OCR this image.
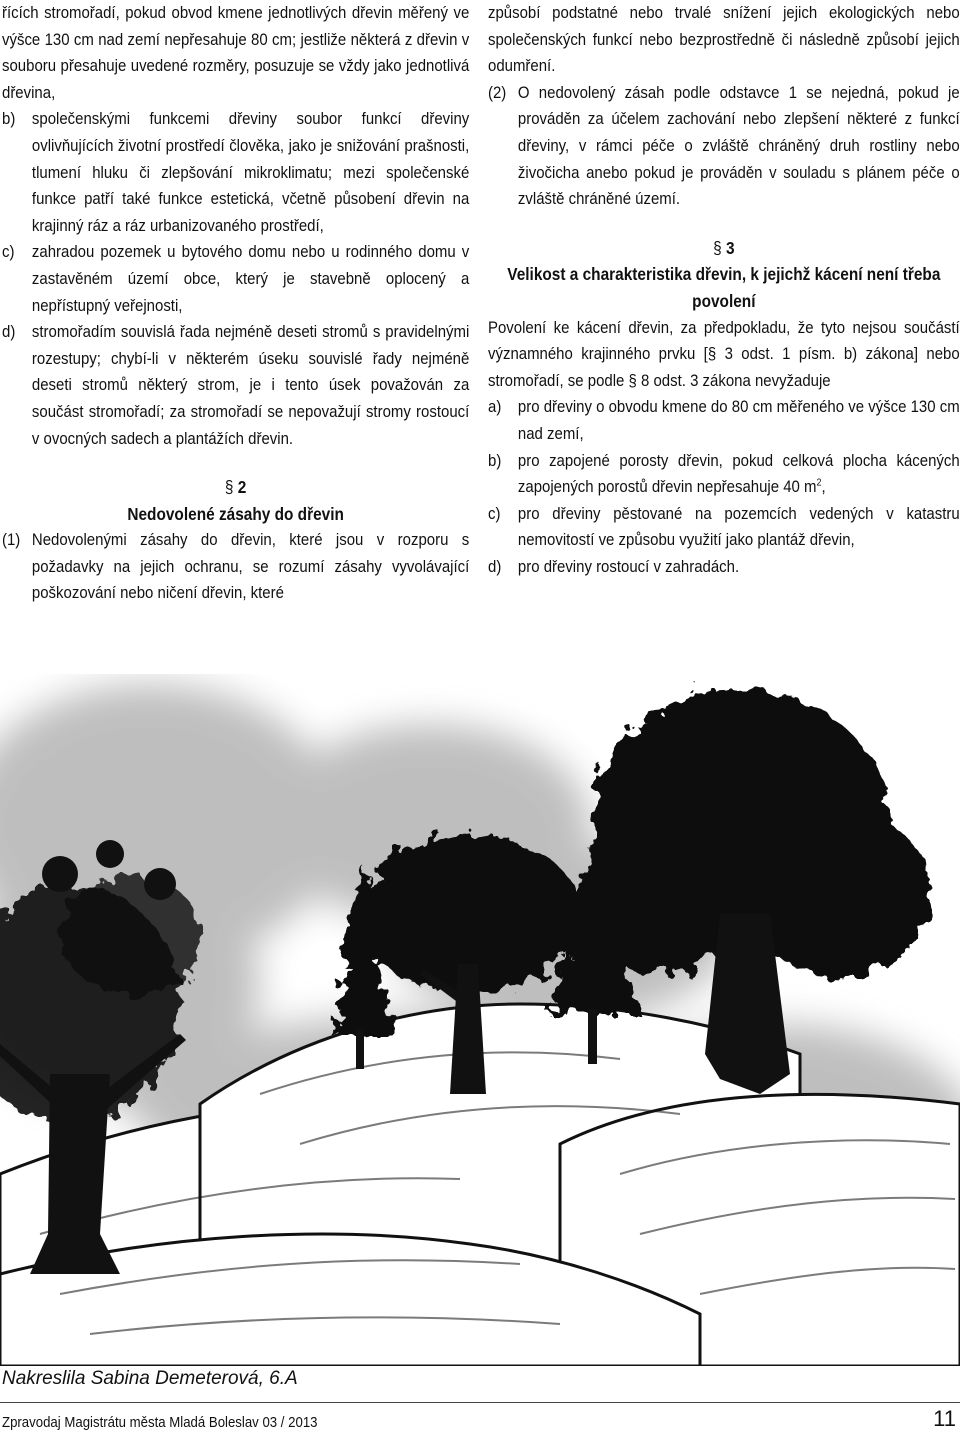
řících stromořadí, pokud obvod kmene jednotlivých dřevin měřený ve výšce 130 cm nad zemí nepřesahuje 80 cm; jestliže některá z dřevin v souboru přesahuje uvedené rozměry, posuzuje se vždy jako jednotlivá dřevina,

b) společenskými funkcemi dřeviny soubor funkcí dřeviny ovlivňujících životní prostředí člověka, jako je snižování prašnosti, tlumení hluku či zlepšování mikroklimatu; mezi společenské funkce patří také funkce estetická, včetně působení dřevin na krajinný ráz a ráz urbanizovaného prostředí,
c)	zahradou pozemek u bytového domu nebo u rodinného domu v zastavěném území obce, který je stavebně oplocený a nepřístupný veřejnosti,
d) stromořadím souvislá řada nejméně deseti stromů s pravidelnými rozestupy; chybí-li v některém úseku souvislé řady nejméně deseti stromů některý strom, je i tento úsek považován za součást stromořadí; za stromořadí se nepovažují stromy rostoucí v ovocných sadech a plantážích dřevin.

§ 2

Nedovolené zásahy do dřevin

(1) Nedovolenými zásahy do dřevin, které jsou v rozporu s požadavky na jejich ochranu, se rozumí zásahy vyvolávající poškozování nebo ničení dřevin, které

způsobí podstatné nebo trvalé snížení jejich ekologických nebo společenských funkcí nebo bezprostředně či následně způsobí jejich odumření.

(2) O nedovolený zásah podle odstavce 1 se nejedná, pokud je prováděn za účelem zachování nebo zlepšení některé z funkcí dřeviny, v rámci péče o zvláště chráněný druh rostliny nebo živočicha anebo pokud je prováděn v souladu s plánem péče o zvláště chráněné území.

§ 3

Velikost a charakteristika dřevin, k jejichž kácení není třeba povolení

Povolení ke kácení dřevin, za předpokladu, že tyto nejsou součástí významného krajinného prvku [§ 3 odst. 1 písm. b) zákona] nebo stromořadí, se podle § 8 odst. 3 zákona nevyžaduje

a) pro dřeviny o obvodu kmene do 80 cm měřeného ve výšce 130 cm nad zemí,
b) pro zapojené porosty dřevin, pokud celková plocha kácených zapojených porostů dřevin nepřesahuje 40 $m^2$,
c)	pro dřeviny pěstované na pozemcích vedených v katastru nemovitostí ve způsobu využití jako plantáž dřevin,
d) pro dřeviny rostoucí v zahradách.
Nakreslila Sabina Demeterová, 6.A
Zpravodaj Magistrátu města Mladá Boleslav 03 / 2013	11
